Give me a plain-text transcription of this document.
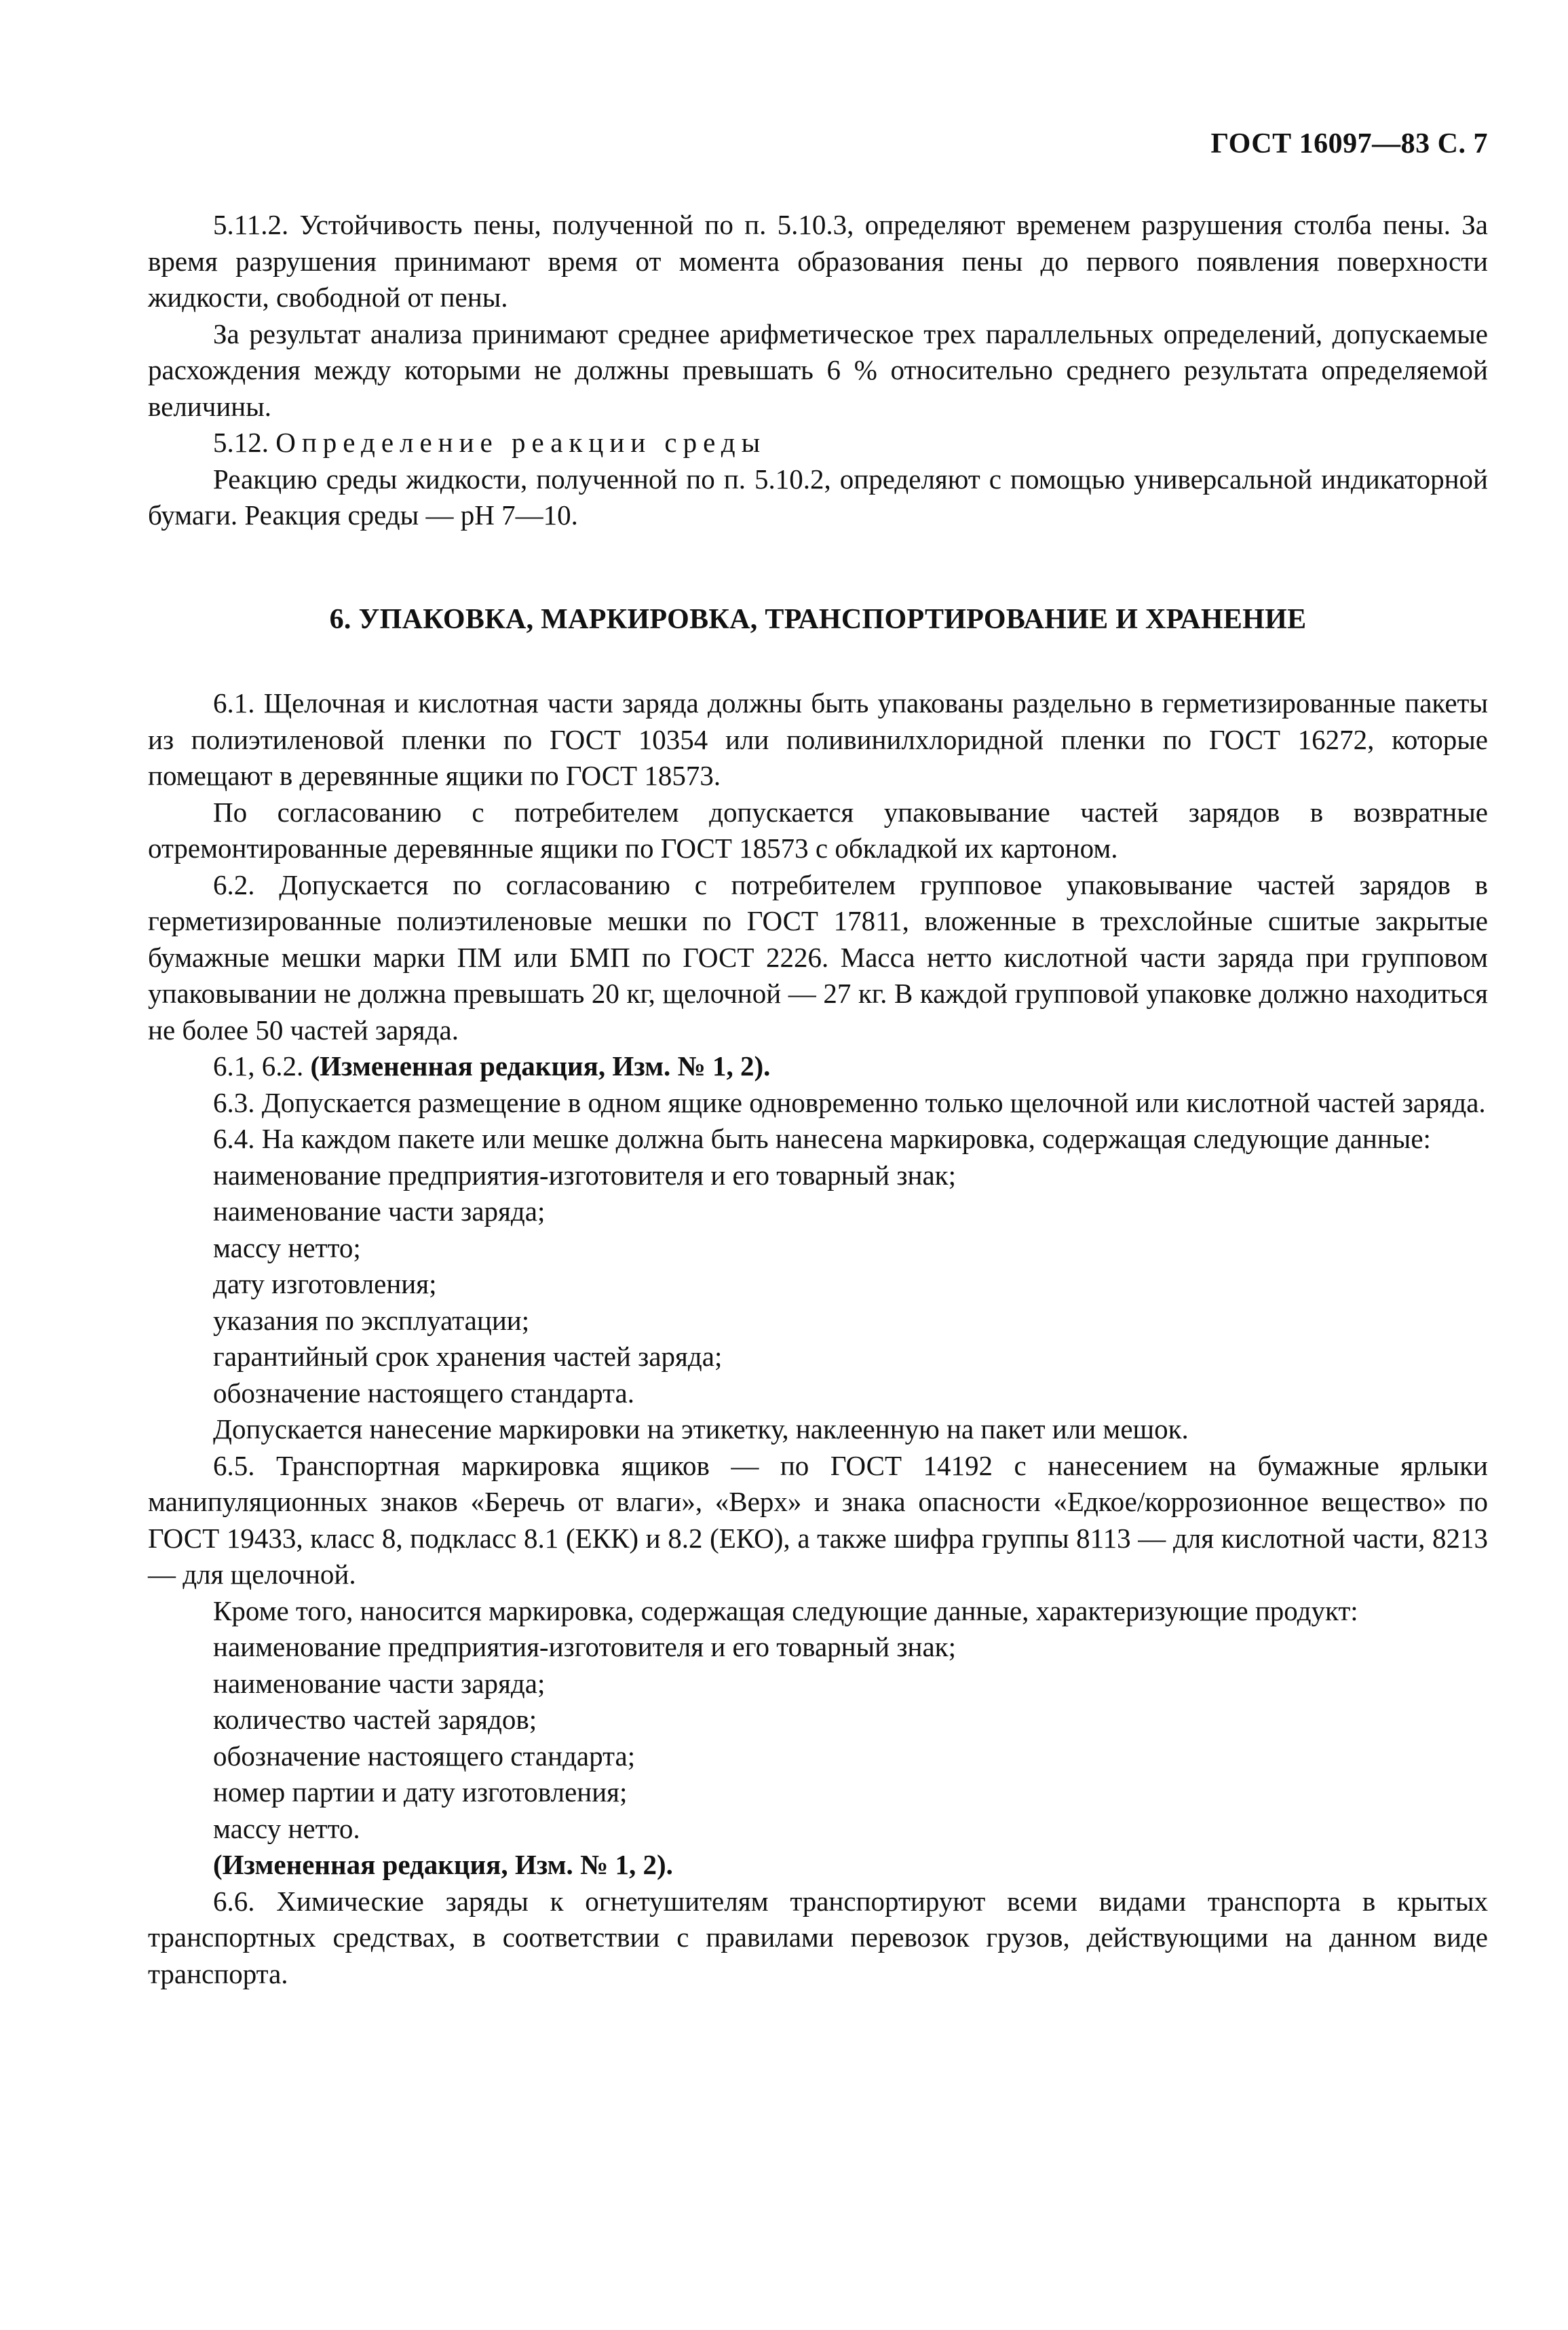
ГОСТ 16097—83 С. 7

5.11.2. Устойчивость пены, полученной по п. 5.10.3, определяют временем разрушения столба пены. За время разрушения принимают время от момента образования пены до первого появления поверхности жидкости, свободной от пены.

За результат анализа принимают среднее арифметическое трех параллельных определений, допускаемые расхождения между которыми не должны превышать 6 % относительно среднего результата определяемой величины.

5.12. Определение реакции среды

Реакцию среды жидкости, полученной по п. 5.10.2, определяют с помощью универсальной индикаторной бумаги. Реакция среды — рН 7—10.

6. УПАКОВКА, МАРКИРОВКА, ТРАНСПОРТИРОВАНИЕ И ХРАНЕНИЕ

6.1. Щелочная и кислотная части заряда должны быть упакованы раздельно в герметизированные пакеты из полиэтиленовой пленки по ГОСТ 10354 или поливинилхлоридной пленки по ГОСТ 16272, которые помещают в деревянные ящики по ГОСТ 18573.

По согласованию с потребителем допускается упаковывание частей зарядов в возвратные отремонтированные деревянные ящики по ГОСТ 18573 с обкладкой их картоном.

6.2. Допускается по согласованию с потребителем групповое упаковывание частей зарядов в герметизированные полиэтиленовые мешки по ГОСТ 17811, вложенные в трехслойные сшитые закрытые бумажные мешки марки ПМ или БМП по ГОСТ 2226. Масса нетто кислотной части заряда при групповом упаковывании не должна превышать 20 кг, щелочной — 27 кг. В каждой групповой упаковке должно находиться не более 50 частей заряда.

6.1, 6.2. (Измененная редакция, Изм. № 1, 2).

6.3. Допускается размещение в одном ящике одновременно только щелочной или кислотной частей заряда.

6.4. На каждом пакете или мешке должна быть нанесена маркировка, содержащая следующие данные:

наименование предприятия-изготовителя и его товарный знак;
наименование части заряда;
массу нетто;
дату изготовления;
указания по эксплуатации;
гарантийный срок хранения частей заряда;
обозначение настоящего стандарта.

Допускается нанесение маркировки на этикетку, наклеенную на пакет или мешок.

6.5. Транспортная маркировка ящиков — по ГОСТ 14192 с нанесением на бумажные ярлыки манипуляционных знаков «Беречь от влаги», «Верх» и знака опасности «Едкое/коррозионное вещество» по ГОСТ 19433, класс 8, подкласс 8.1 (ЕКК) и 8.2 (ЕКО), а также шифра группы 8113 — для кислотной части, 8213 — для щелочной.

Кроме того, наносится маркировка, содержащая следующие данные, характеризующие продукт:

наименование предприятия-изготовителя и его товарный знак;
наименование части заряда;
количество частей зарядов;
обозначение настоящего стандарта;
номер партии и дату изготовления;
массу нетто.

(Измененная редакция, Изм. № 1, 2).

6.6. Химические заряды к огнетушителям транспортируют всеми видами транспорта в крытых транспортных средствах, в соответствии с правилами перевозок грузов, действующими на данном виде транспорта.
